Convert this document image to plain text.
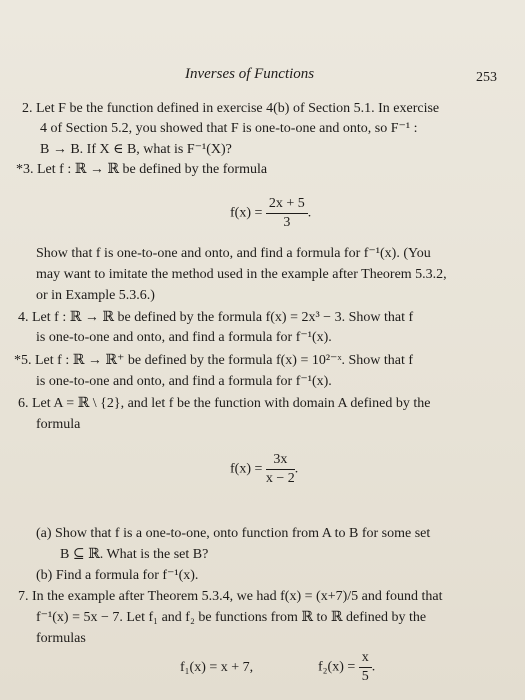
Inverses of Functions	253
2. Let F be the function defined in exercise 4(b) of Section 5.1. In exercise
4 of Section 5.2, you showed that F is one-to-one and onto, so F⁻¹ :
B → B. If X ∈ B, what is F⁻¹(X)?
*3. Let f : ℝ → ℝ be defined by the formula
$f(x) = \frac{2x + 5}{3}$ .
Show that f is one-to-one and onto, and find a formula for f⁻¹(x). (You
may want to imitate the method used in the example after Theorem 5.3.2,
or in Example 5.3.6.)
4. Let f : ℝ → ℝ be defined by the formula f(x) = 2x³ − 3. Show that f
is one-to-one and onto, and find a formula for f⁻¹(x).
*5. Let f : ℝ → ℝ⁺ be defined by the formula f(x) = 10²⁻ˣ. Show that f
is one-to-one and onto, and find a formula for f⁻¹(x).
6. Let A = ℝ \ {2}, and let f be the function with domain A defined by the
formula
$f(x) = \frac{3x}{x - 2}$ .
(a) Show that f is a one-to-one, onto function from A to B for some set
B ⊆ ℝ. What is the set B?
(b) Find a formula for f⁻¹(x).
7. In the example after Theorem 5.3.4, we had f(x) = (x+7)/5 and found that
f⁻¹(x) = 5x − 7. Let f₁ and f₂ be functions from ℝ to ℝ defined by the
formulas
f₁(x) = x + 7,	$f_2(x) = \frac{x}{5}$ .
